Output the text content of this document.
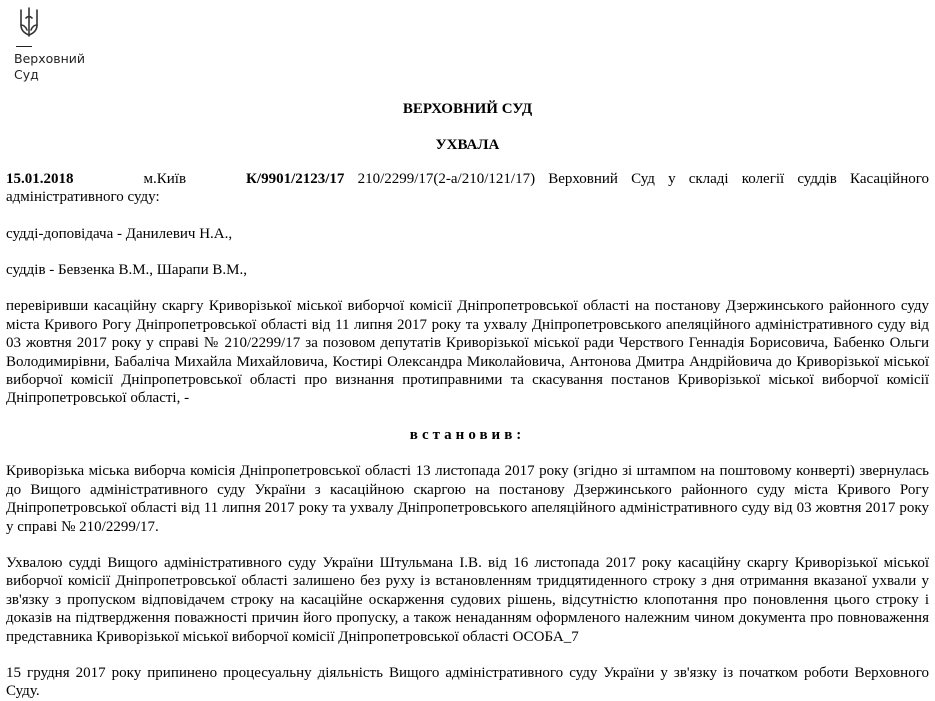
Верховний
Суд
ВЕРХОВНИЙ СУД
УХВАЛА
15.01.2018	м.Київ	К/9901/2123/17 210/2299/17(2-а/210/121/17) Верховний Суд у складі колегії суддів Касаційного адміністративного суду:

судді-доповідача - Данилевич Н.А.,

суддів - Бевзенка В.М., Шарапи В.М.,

перевіривши касаційну скаргу Криворізької міської виборчої комісії Дніпропетровської області на постанову Дзержинського районного суду міста Кривого Рогу Дніпропетровської області від 11 липня 2017 року та ухвалу Дніпропетровського апеляційного адміністративного суду від 03 жовтня 2017 року у справі № 210/2299/17 за позовом депутатів Криворізької міської ради Черствого Геннадія Борисовича, Бабенко Ольги Володимирівни, Бабаліча Михайла Михайловича, Костирі Олександра Миколайовича, Антонова Дмитра Андрійовича до Криворізької міської виборчої комісії Дніпропетровської області про визнання протиправними та скасування постанов Криворізької міської виборчої комісії Дніпропетровської області, -

встановив:

Криворізька міська виборча комісія Дніпропетровської області 13 листопада 2017 року (згідно зі штампом на поштовому конверті) звернулась до Вищого адміністративного суду України з касаційною скаргою на постанову Дзержинського районного суду міста Кривого Рогу Дніпропетровської області від 11 липня 2017 року та ухвалу Дніпропетровського апеляційного адміністративного суду від 03 жовтня 2017 року у справі № 210/2299/17.

Ухвалою судді Вищого адміністративного суду України Штульмана І.В. від 16 листопада 2017 року касаційну скаргу Криворізької міської виборчої комісії Дніпропетровської області залишено без руху із встановленням тридцятиденного строку з дня отримання вказаної ухвали у зв'язку з пропуском відповідачем строку на касаційне оскарження судових рішень, відсутністю клопотання про поновлення цього строку і доказів на підтвердження поважності причин його пропуску, а також ненаданням оформленого належним чином документа про повноваження представника Криворізької міської виборчої комісії Дніпропетровської області ОСОБА_7

15 грудня 2017 року припинено процесуальну діяльність Вищого адміністративного суду України у зв'язку із початком роботи Верховного Суду.
